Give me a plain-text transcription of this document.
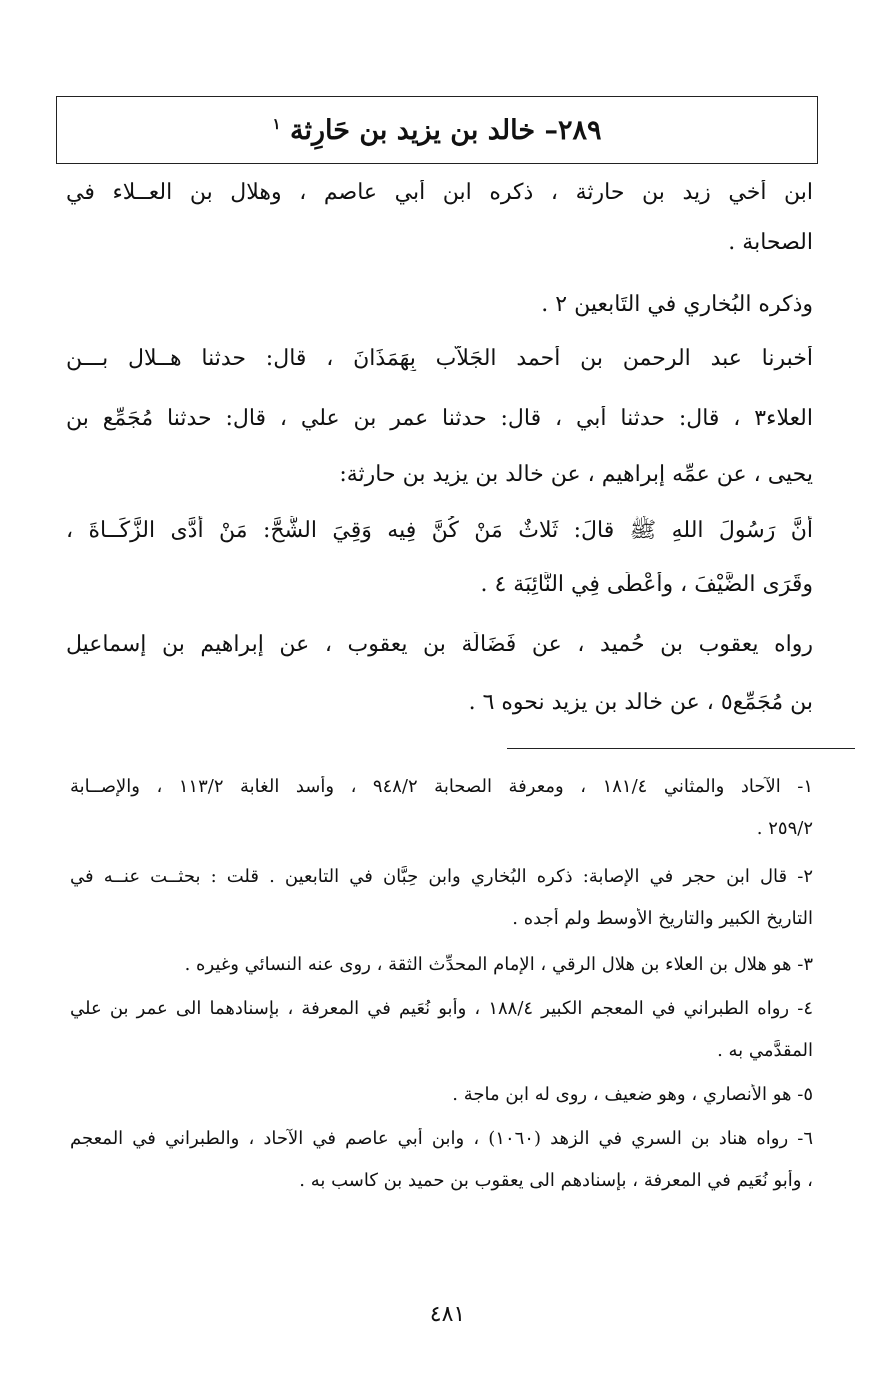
٢٨٩– خالد بن يزيد بن حَارِثة $^١$
ابن أخي زيد بن حارثة ، ذكره ابن أبي عاصم ، وهلال بن العــلاء في
الصحابة .
وذكره البُخاري في التَابعين ٢ .
أخبرنا عبد الرحمن بن أحمد الجَلاَّب بِهَمَذَانَ ، قال: حدثنا هــلال بـــن
العلاء٣ ، قال: حدثنا أبي ، قال: حدثنا عمر بن علي ، قال: حدثنا مُجَمِّع بن
يحيى ، عن عمِّه إبراهيم ، عن خالد بن يزيد بن حارثة:
أنَّ رَسُولَ اللهِ ﷺ قالَ: ثَلاثٌ مَنْ كُنَّ فِيه وَقِيَ الشُّحَّ: مَنْ أَدَّى الزَّكَــاةَ ،
وقَرَى الضَّيْفَ ، وأَعْطَى فِي النَّائِبَة ٤ .
رواه يعقوب بن حُميد ، عن فَضَالَة بن يعقوب ، عن إبراهيم بن إسماعيل
بن مُجَمِّع٥ ، عن خالد بن يزيد نحوه ٦ .
١- الآحاد والمثاني ١٨١/٤ ، ومعرفة الصحابة ٩٤٨/٢ ، وأُسد الغابة ١١٣/٢ ، والإصــابة
٢٥٩/٢ .
٢- قال ابن حجر في الإصابة: ذكره البُخاري وابن حِبَّان في التابعين . قلت : بحثــت عنــه في
التاريخ الكبير والتاريخ الأوسط ولم أجده .
٣- هو هلال بن العلاء بن هلال الرقي ، الإمام المحدِّث الثقة ، روى عنه النسائي وغيره .
٤- رواه الطبراني في المعجم الكبير ١٨٨/٤ ، وأبو نُعَيم في المعرفة ، بإسنادهما الى عمر بن علي
المقدَّمي به .
٥- هو الأنصاري ، وهو ضعيف ، روى له ابن ماجة .
٦- رواه هناد بن السري في الزهد (١٠٦٠) ، وابن أبي عاصم في الآحاد ، والطبراني في المعجم
، وأبو نُعَيم في المعرفة ، بإسنادهم الى يعقوب بن حميد بن كاسب به .
٤٨١
